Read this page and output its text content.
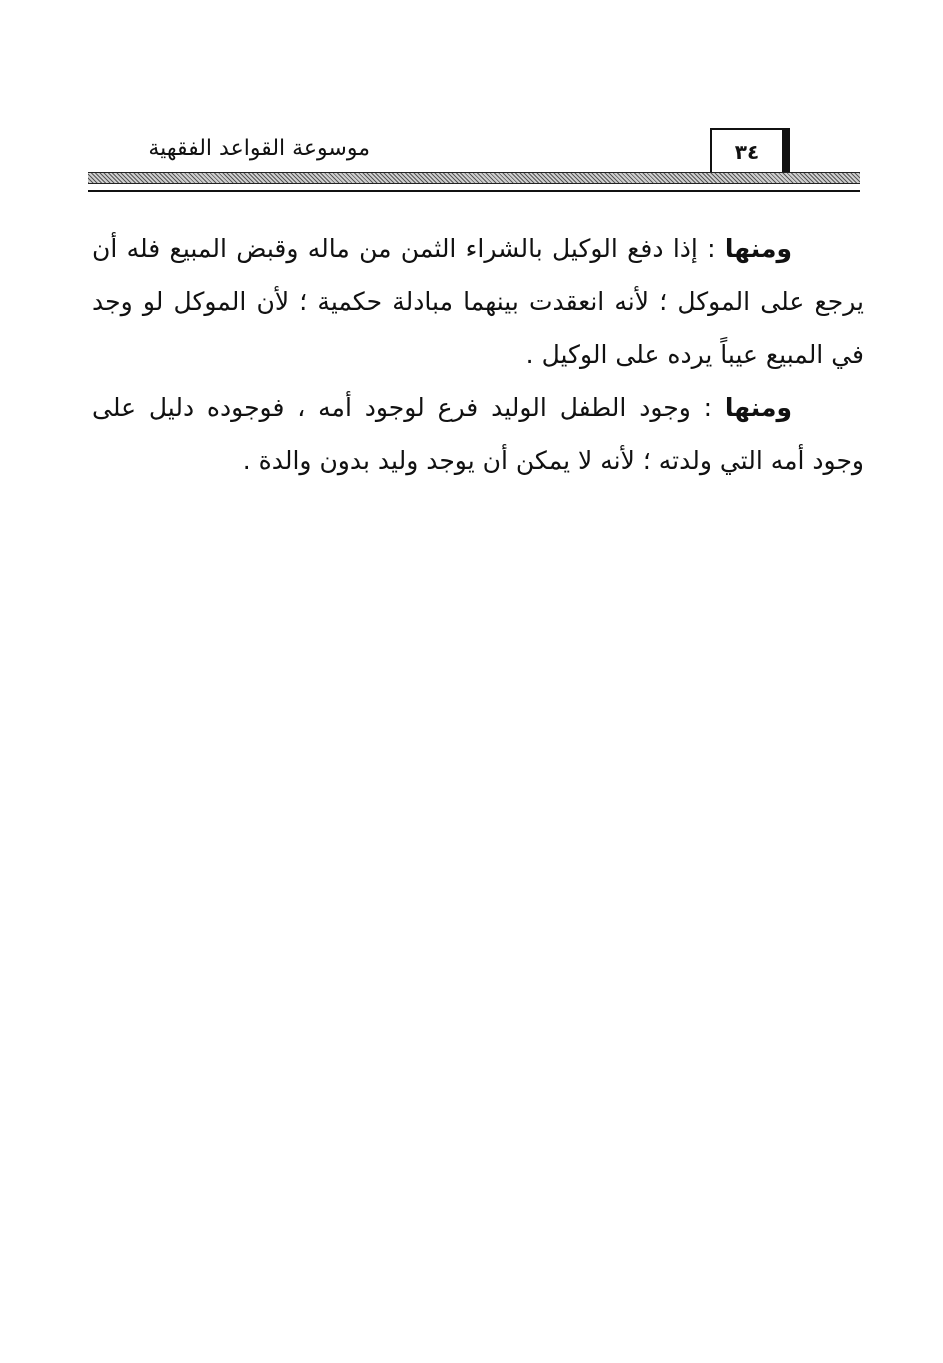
موسوعة القواعد الفقهية	٣٤

ومنها : إذا دفع الوكيل بالشراء الثمن من ماله وقبض المبيع فله أن يرجع على الموكل ؛ لأنه انعقدت بينهما مبادلة حكمية ؛ لأن الموكل لو وجد في المبيع عيباً يرده على الوكيل .

ومنها : وجود الطفل الوليد فرع لوجود أمه ، فوجوده دليل على وجود أمه التي ولدته ؛ لأنه لا يمكن أن يوجد وليد بدون والدة .
